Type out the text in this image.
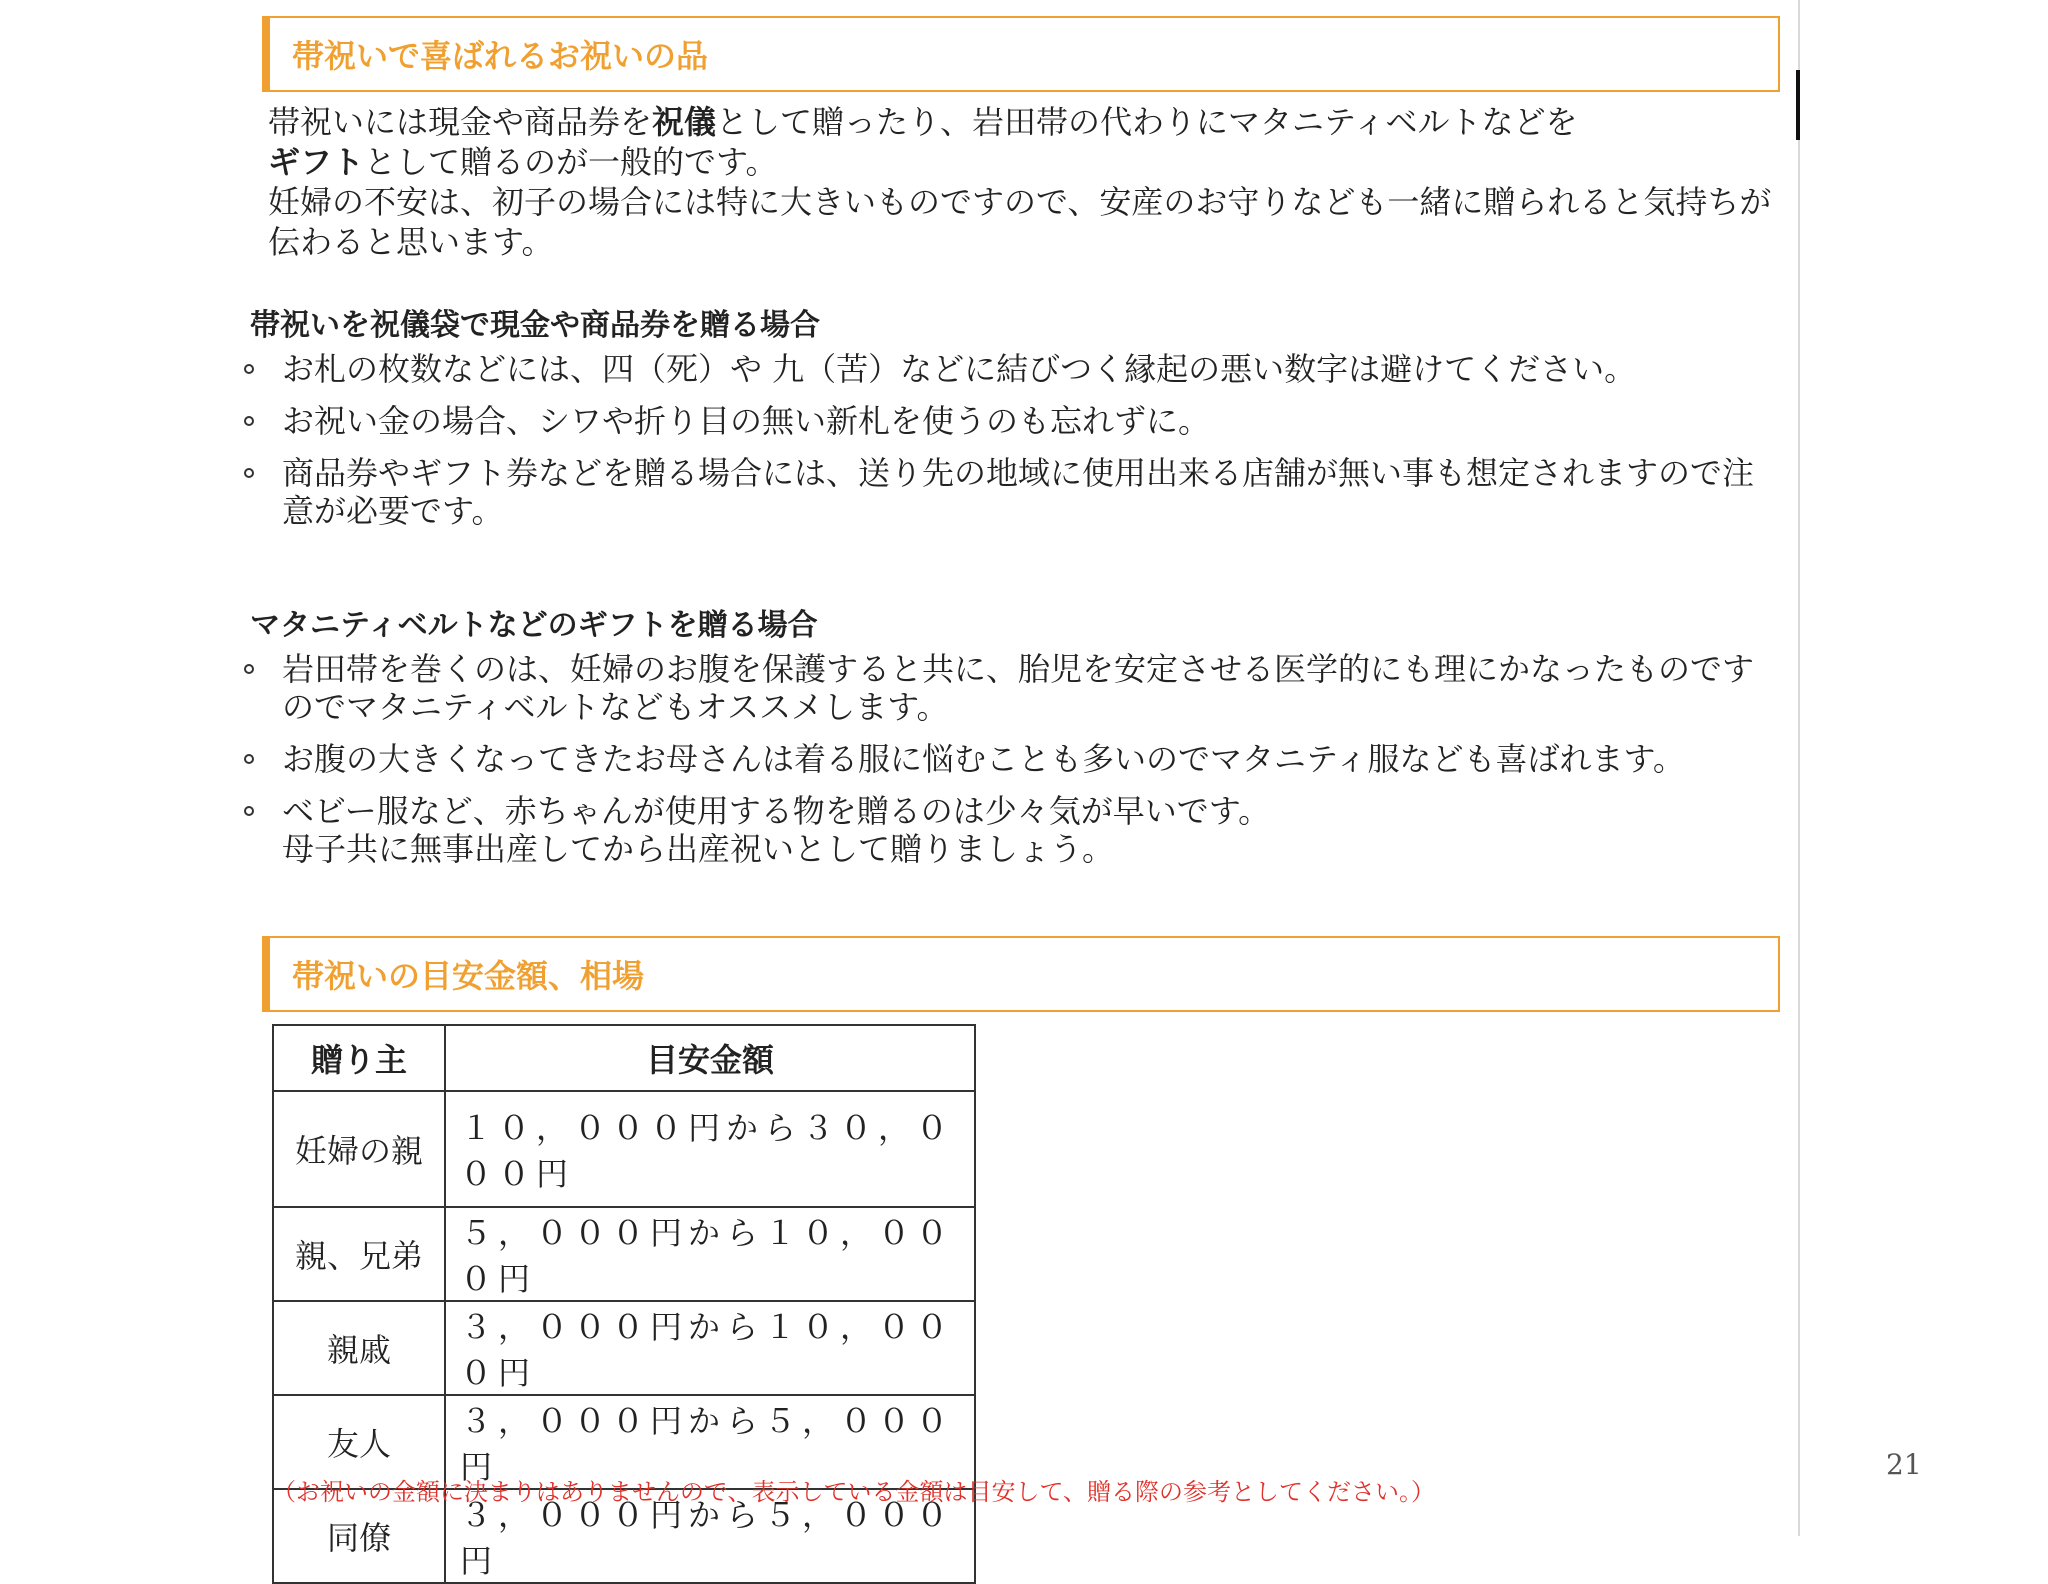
帯祝いで喜ばれるお祝いの品

帯祝いには現金や商品券を祝儀として贈ったり、岩田帯の代わりにマタニティベルトなどを
ギフトとして贈るのが一般的です。

妊婦の不安は、初子の場合には特に大きいものですので、安産のお守りなども一緒に贈られると気持ちが伝わると思います。

帯祝いを祝儀袋で現金や商品券を贈る場合
お札の枚数などには、四（死）や 九（苦）などに結びつく縁起の悪い数字は避けてください。
お祝い金の場合、シワや折り目の無い新札を使うのも忘れずに。
商品券やギフト券などを贈る場合には、送り先の地域に使用出来る店舗が無い事も想定されますので注意が必要です。
マタニティベルトなどのギフトを贈る場合
岩田帯を巻くのは、妊婦のお腹を保護すると共に、胎児を安定させる医学的にも理にかなったものですのでマタニティベルトなどもオススメします。
お腹の大きくなってきたお母さんは着る服に悩むことも多いのでマタニティ服なども喜ばれます。
ベビー服など、赤ちゃんが使用する物を贈るのは少々気が早いです。
母子共に無事出産してから出産祝いとして贈りましょう。
帯祝いの目安金額、相場
贈り主	目安金額
妊婦の親	１０，０００円から３０，０００円
親、兄弟	５，０００円から１０，０００円
親戚	３，０００円から１０，０００円
友人	３，０００円から５，０００円
同僚	３，０００円から５，０００円

（お祝いの金額に決まりはありませんので、表示している金額は目安して、贈る際の参考としてください。）

21
